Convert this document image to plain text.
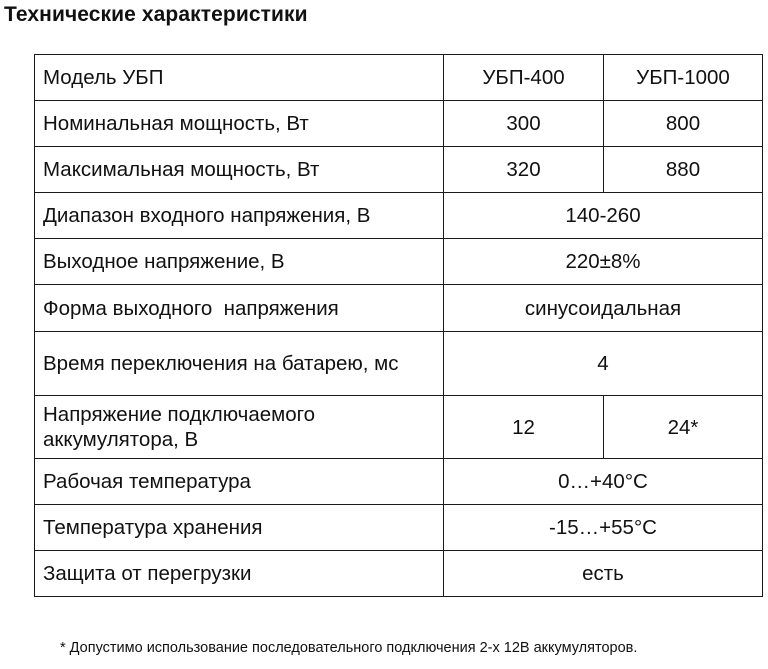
Технические характеристики
Модель УБП	УБП-400	УБП-1000
Номинальная мощность, Вт	300	800
Максимальная мощность, Вт	320	880
Диапазон входного напряжения, В	140-260	
Выходное напряжение, В	220±8%	
Форма выходного  напряжения	синусоидальная	
Время переключения на батарею, мс	4	
Напряжение подключаемого аккумулятора, В	12	24*
Рабочая температура	0…+40°C	
Температура хранения	-15…+55°C	
Защита от перегрузки	есть	
* Допустимо использование последовательного подключения 2-х 12В аккумуляторов.
